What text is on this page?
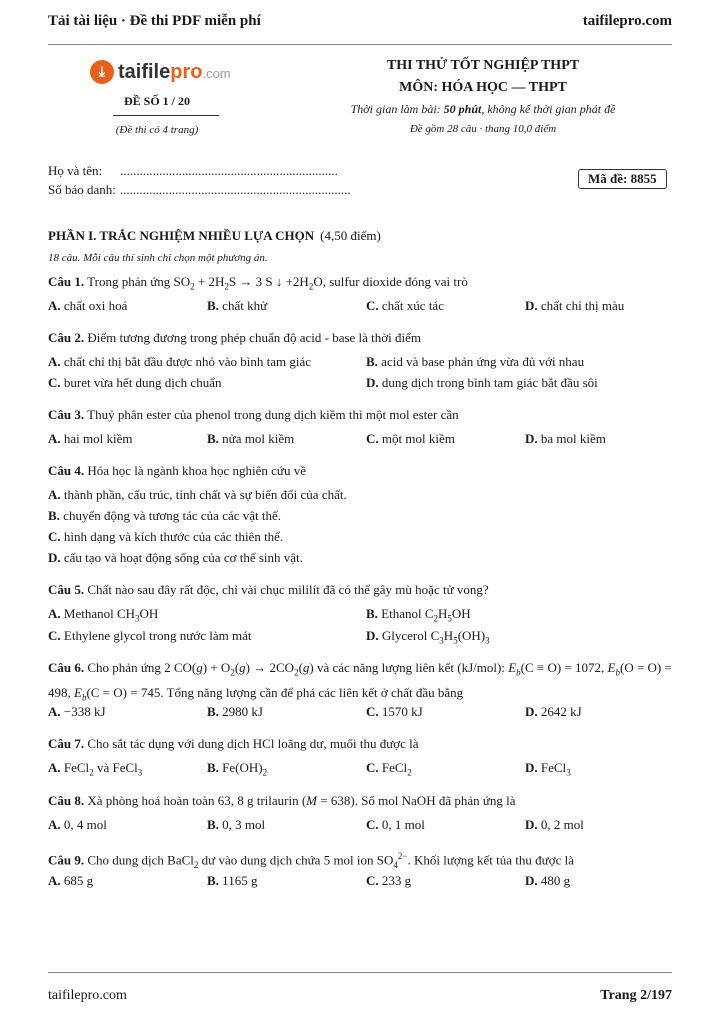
Tải tài liệu · Đề thi PDF miễn phí	taifilepro.com
⤓ taifilepro.com
ĐỀ SỐ 1 / 20
(Đề thi có 4 trang)
THI THỬ TỐT NGHIỆP THPT
MÔN: HÓA HỌC — THPT
Thời gian làm bài: 50 phút, không kể thời gian phát đề
Đề gồm 28 câu · thang 10,0 điểm
Họ và tên: ...................................................................
Số báo danh: .......................................................................
Mã đề: 8855
PHẦN I. TRẮC NGHIỆM NHIỀU LỰA CHỌN (4,50 điểm)
18 câu. Mỗi câu thí sinh chỉ chọn một phương án.
Câu 1. Trong phản ứng $SO_2 + 2H_2S \to 3$ S ↓ $+2H_2O$, sulfur dioxide đóng vai trò
A. chất oxi hoá	B. chất khử	C. chất xúc tác	D. chất chỉ thị màu
Câu 2. Điểm tương đương trong phép chuẩn độ acid - base là thời điểm
A. chất chỉ thị bắt đầu được nhỏ vào bình tam giác	B. acid và base phản ứng vừa đủ với nhau
C. buret vừa hết dung dịch chuẩn	D. dung dịch trong bình tam giác bắt đầu sôi
Câu 3. Thuỷ phân ester của phenol trong dung dịch kiềm thì một mol ester cần
A. hai mol kiềm	B. nửa mol kiềm	C. một mol kiềm	D. ba mol kiềm
Câu 4. Hóa học là ngành khoa học nghiên cứu về
A. thành phần, cấu trúc, tính chất và sự biến đổi của chất.
B. chuyển động và tương tác của các vật thể.
C. hình dạng và kích thước của các thiên thể.
D. cấu tạo và hoạt động sống của cơ thể sinh vật.
Câu 5. Chất nào sau đây rất độc, chỉ vài chục mililít đã có thể gây mù hoặc tử vong?
A. Methanol $CH_3OH$	B. Ethanol $C_2H_5OH$
C. Ethylene glycol trong nước làm mát	D. Glycerol $C_3H_5(OH)_3$
Câu 6. Cho phản ứng 2 $CO(g) + O_2(g) \to 2CO_2(g)$ và các năng lượng liên kết (kJ/mol): $E_b(C \equiv O) = 1072$, $E_b(O = O) = 498$, $E_b(C = O) = 745$. Tổng năng lượng cần để phá các liên kết ở chất đầu bằng
A. −338 kJ	B. 2980 kJ	C. 1570 kJ	D. 2642 kJ
Câu 7. Cho sắt tác dụng với dung dịch HCl loãng dư, muối thu được là
A. FeCl$_2$ và FeCl$_3$	B. $Fe(OH)_2$	C. FeCl$_2$	D. FeCl$_3$
Câu 8. Xà phòng hoá hoàn toàn 63, 8 g trilaurin (M = 638). Số mol NaOH đã phản ứng là
A. 0, 4 mol	B. 0, 3 mol	C. 0, 1 mol	D. 0, 2 mol
Câu 9. Cho dung dịch BaCl$_2$ dư vào dung dịch chứa 5 mol ion $SO_4^{2-}$. Khối lượng kết tủa thu được là
A. 685 g	B. 1165 g	C. 233 g	D. 480 g
taifilepro.com	Trang 2/197
